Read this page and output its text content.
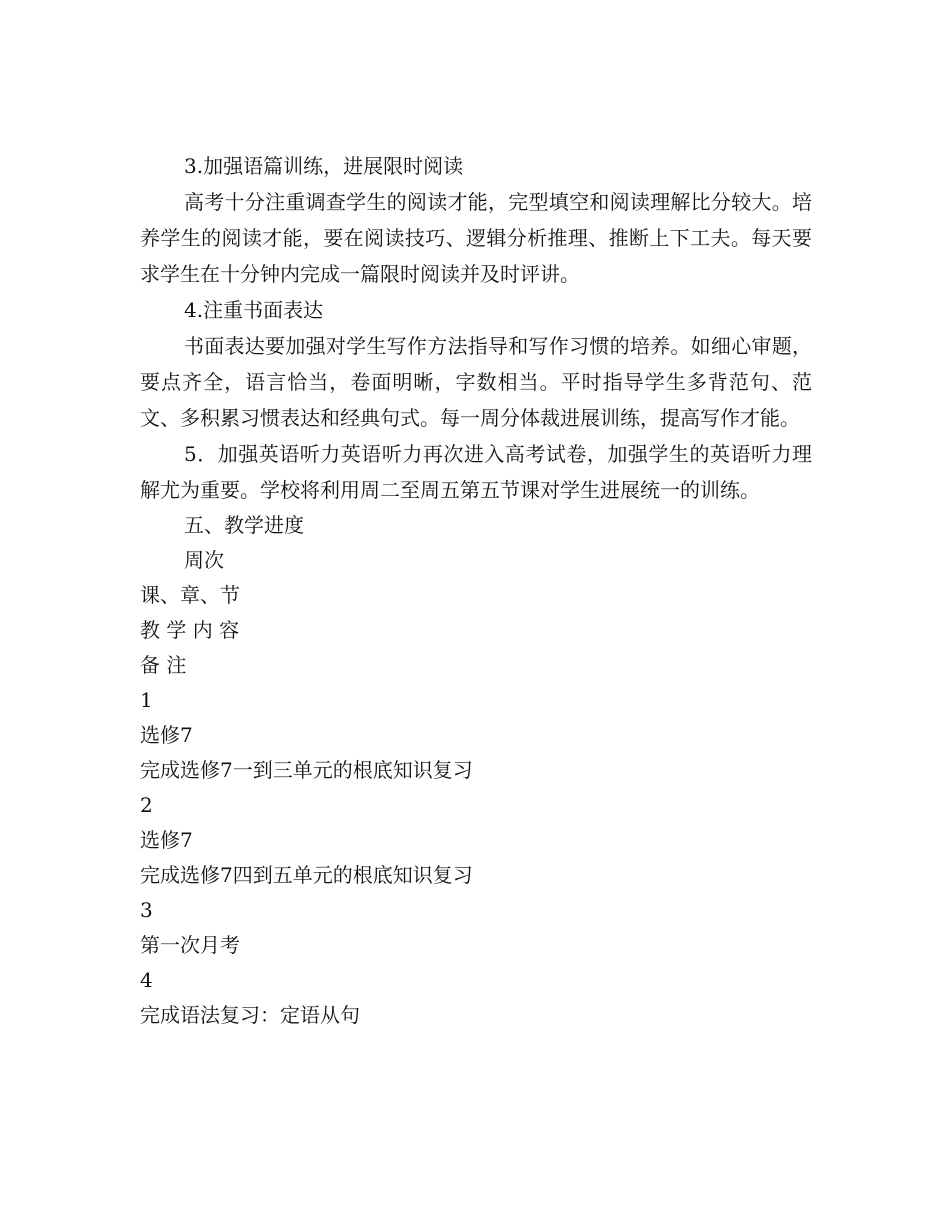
3.加强语篇训练，进展限时阅读

高考十分注重调查学生的阅读才能，完型填空和阅读理解比分较大。培养学生的阅读才能，要在阅读技巧、逻辑分析推理、推断上下工夫。每天要求学生在十分钟内完成一篇限时阅读并及时评讲。

4.注重书面表达

书面表达要加强对学生写作方法指导和写作习惯的培养。如细心审题，要点齐全，语言恰当，卷面明晰，字数相当。平时指导学生多背范句、范文、多积累习惯表达和经典句式。每一周分体裁进展训练，提高写作才能。

5．加强英语听力英语听力再次进入高考试卷，加强学生的英语听力理解尤为重要。学校将利用周二至周五第五节课对学生进展统一的训练。

五、教学进度

周次

课、章、节

教 学 内 容

备 注

1

选修7

完成选修7一到三单元的根底知识复习

2

选修7

完成选修7四到五单元的根底知识复习

3

第一次月考

4

完成语法复习：定语从句
